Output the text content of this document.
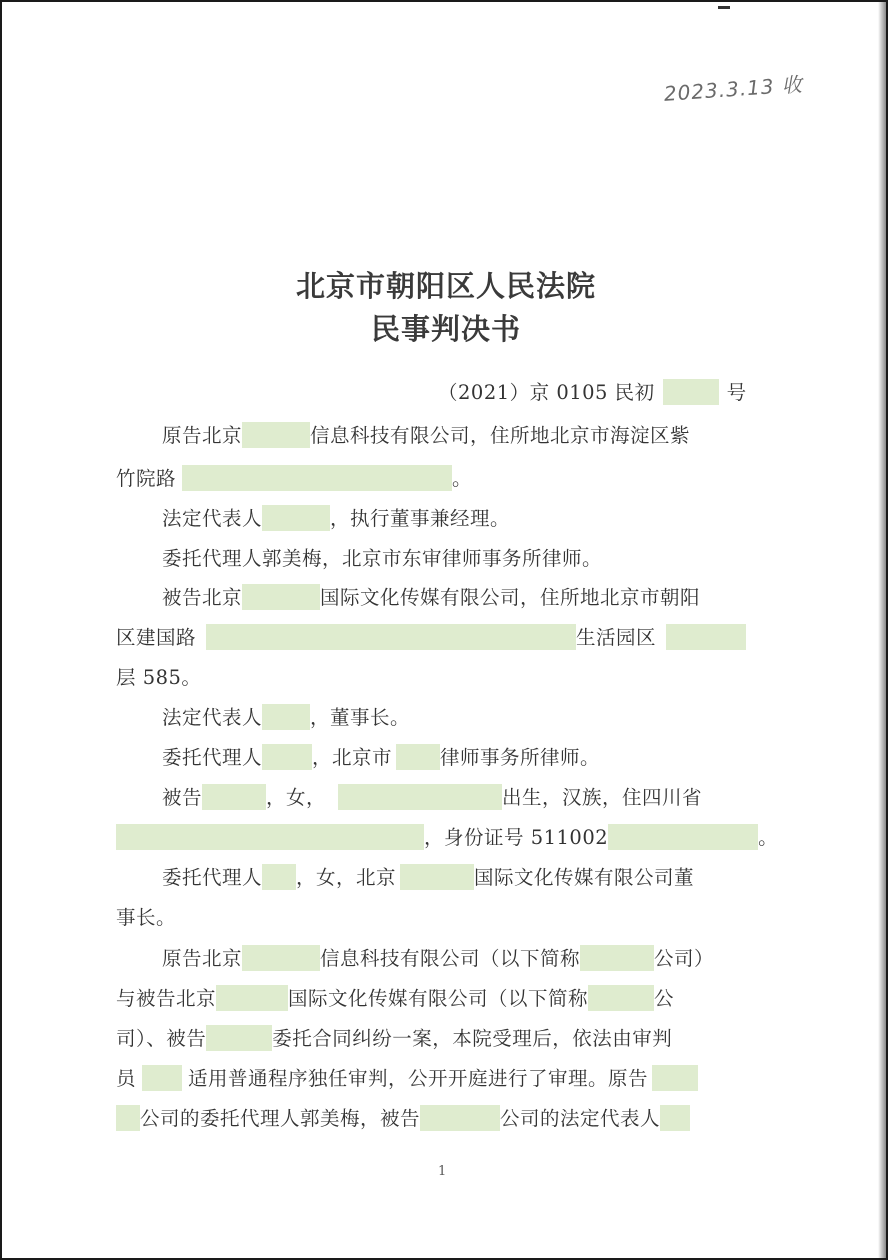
2023.3.13 收
北京市朝阳区人民法院
民事判决书
（2021）京 0105 民初	号
原告北京	信息科技有限公司，住所地北京市海淀区紫
竹院路	。
法定代表人	，执行董事兼经理。
委托代理人郭美梅，北京市东审律师事务所律师。
被告北京	国际文化传媒有限公司，住所地北京市朝阳
区建国路	生活园区
层 585。
法定代表人 ，董事长。
委托代理人	，北京市 律师事务所律师。
被告	，女，	出生，汉族，住四川省
，身份证号 511002	。
委托代理人 ，女，北京	国际文化传媒有限公司董
事长。
原告北京	信息科技有限公司（以下简称	公司）
与被告北京	国际文化传媒有限公司（以下简称	公
司）、被告	委托合同纠纷一案，本院受理后，依法由审判
员	适用普通程序独任审判，公开开庭进行了审理。原告
公司的委托代理人郭美梅，被告	公司的法定代表人
1
